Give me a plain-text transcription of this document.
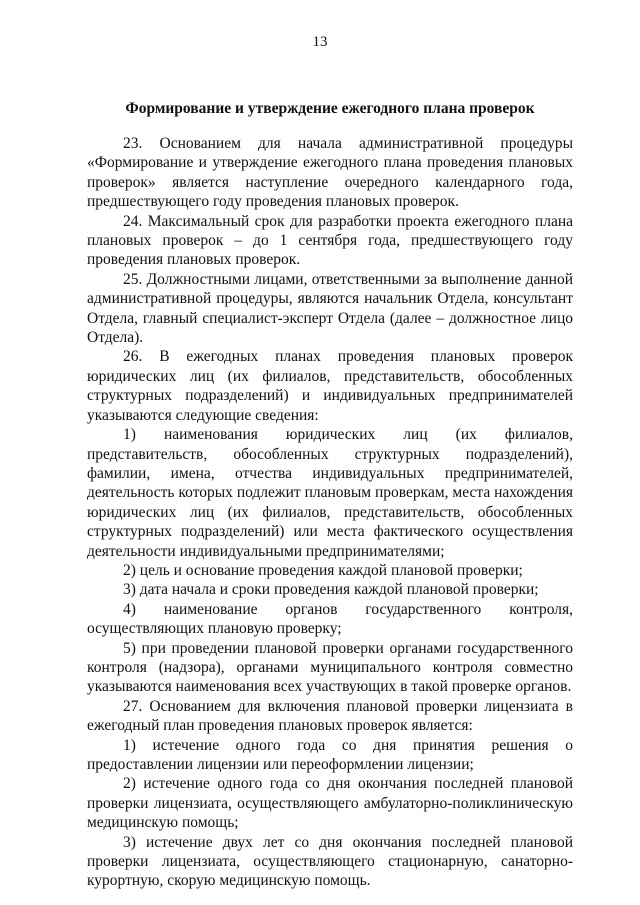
13
Формирование и утверждение ежегодного плана проверок

23. Основанием для начала административной процедуры «Формирование и утверждение ежегодного плана проведения плановых проверок» является наступление очередного календарного года, предшествующего году проведения плановых проверок.

24. Максимальный срок для разработки проекта ежегодного плана плановых проверок – до 1 сентября года, предшествующего году проведения плановых проверок.

25. Должностными лицами, ответственными за выполнение данной административной процедуры, являются начальник Отдела, консультант Отдела, главный специалист-эксперт Отдела (далее – должностное лицо Отдела).

26. В ежегодных планах проведения плановых проверок юридических лиц (их филиалов, представительств, обособленных структурных подразделений) и индивидуальных предпринимателей указываются следующие сведения:

1) наименования юридических лиц (их филиалов, представительств, обособленных структурных подразделений), фамилии, имена, отчества индивидуальных предпринимателей, деятельность которых подлежит плановым проверкам, места нахождения юридических лиц (их филиалов, представительств, обособленных структурных подразделений) или места фактического осуществления деятельности индивидуальными предпринимателями;

2) цель и основание проведения каждой плановой проверки;

3) дата начала и сроки проведения каждой плановой проверки;

4) наименование органов государственного контроля, осуществляющих плановую проверку;

5) при проведении плановой проверки органами государственного контроля (надзора), органами муниципального контроля совместно указываются наименования всех участвующих в такой проверке органов.

27. Основанием для включения плановой проверки лицензиата в ежегодный план проведения плановых проверок является:

1) истечение одного года со дня принятия решения о предоставлении лицензии или переоформлении лицензии;

2) истечение одного года со дня окончания последней плановой проверки лицензиата, осуществляющего амбулаторно-поликлиническую медицинскую помощь;

3) истечение двух лет со дня окончания последней плановой проверки лицензиата, осуществляющего стационарную, санаторно-курортную, скорую медицинскую помощь.
